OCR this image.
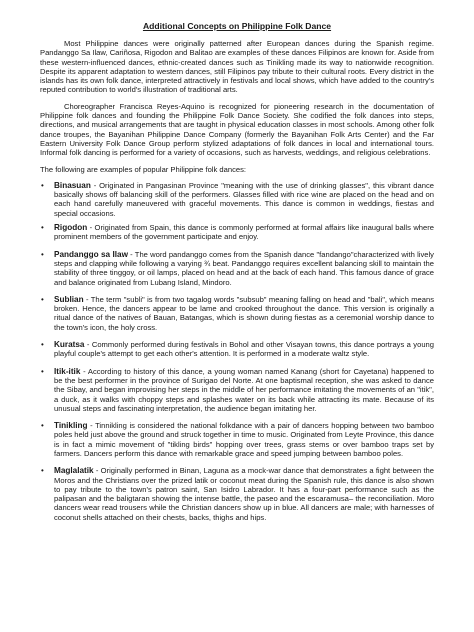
Additional Concepts on Philippine Folk Dance

Most Philippine dances were originally patterned after European dances during the Spanish regime. Pandanggo Sa Ilaw, Cariñosa, Rigodon and Balitao are examples of these dances Filipinos are known for. Aside from these western-influenced dances, ethnic-created dances such as Tinikling made its way to nationwide recognition. Despite its apparent adaptation to western dances, still Filipinos pay tribute to their cultural roots. Every district in the islands has its own folk dance, interpreted attractively in festivals and local shows, which have added to the country's reputed contribution to world's illustration of traditional arts.

Choreographer Francisca Reyes-Aquino is recognized for pioneering research in the documentation of Philippine folk dances and founding the Philippine Folk Dance Society. She codified the folk dances into steps, directions, and musical arrangements that are taught in physical education classes in most schools. Among other folk dance troupes, the Bayanihan Philippine Dance Company (formerly the Bayanihan Folk Arts Center) and the Far Eastern University Folk Dance Group perform stylized adaptations of folk dances in local and international tours. Informal folk dancing is performed for a variety of occasions, such as harvests, weddings, and religious celebrations.

The following are examples of popular Philippine folk dances:

• Binasuan - Originated in Pangasinan Province "meaning with the use of drinking glasses", this vibrant dance basically shows off balancing skill of the performers. Glasses filled with rice wine are placed on the head and on each hand carefully maneuvered with graceful movements. This dance is common in weddings, fiestas and special occasions.
• Rigodon - Originated from Spain, this dance is commonly performed at formal affairs like inaugural balls where prominent members of the government participate and enjoy.
• Pandanggo sa Ilaw - The word pandanggo comes from the Spanish dance "fandango"characterized with lively steps and clapping while following a varying ¾ beat. Pandanggo requires excellent balancing skill to maintain the stability of three tinggoy, or oil lamps, placed on head and at the back of each hand. This famous dance of grace and balance originated from Lubang Island, Mindoro.
• Sublian - The term "subli" is from two tagalog words "subsub" meaning falling on head and "bali", which means broken. Hence, the dancers appear to be lame and crooked throughout the dance. This version is originally a ritual dance of the natives of Bauan, Batangas, which is shown during fiestas as a ceremonial worship dance to the town's icon, the holy cross.
• Kuratsa - Commonly performed during festivals in Bohol and other Visayan towns, this dance portrays a young playful couple's attempt to get each other's attention. It is performed in a moderate waltz style.
• Itik-itik - According to history of this dance, a young woman named Kanang (short for Cayetana) happened to be the best performer in the province of Surigao del Norte. At one baptismal reception, she was asked to dance the Sibay, and began improvising her steps in the middle of her performance imitating the movements of an "itik", a duck, as it walks with choppy steps and splashes water on its back while attracting its mate. Because of its unusual steps and fascinating interpretation, the audience began imitating her.
• Tinikling - Tinnikling is considered the national folkdance with a pair of dancers hopping between two bamboo poles held just above the ground and struck together in time to music. Originated from Leyte Province, this dance is in fact a mimic movement of "tikling birds" hopping over trees, grass stems or over bamboo traps set by farmers. Dancers perform this dance with remarkable grace and speed jumping between bamboo poles.
• Maglalatik - Originally performed in Binan, Laguna as a mock-war dance that demonstrates a fight between the Moros and the Christians over the prized latik or coconut meat during the Spanish rule, this dance is also shown to pay tribute to the town's patron saint, San Isidro Labrador. It has a four-part performance such as the palipasan and the baligtaran showing the intense battle, the paseo and the escaramusa– the reconciliation. Moro dancers wear read trousers while the Christian dancers show up in blue. All dancers are male; with harnesses of coconut shells attached on their chests, backs, thighs and hips.
